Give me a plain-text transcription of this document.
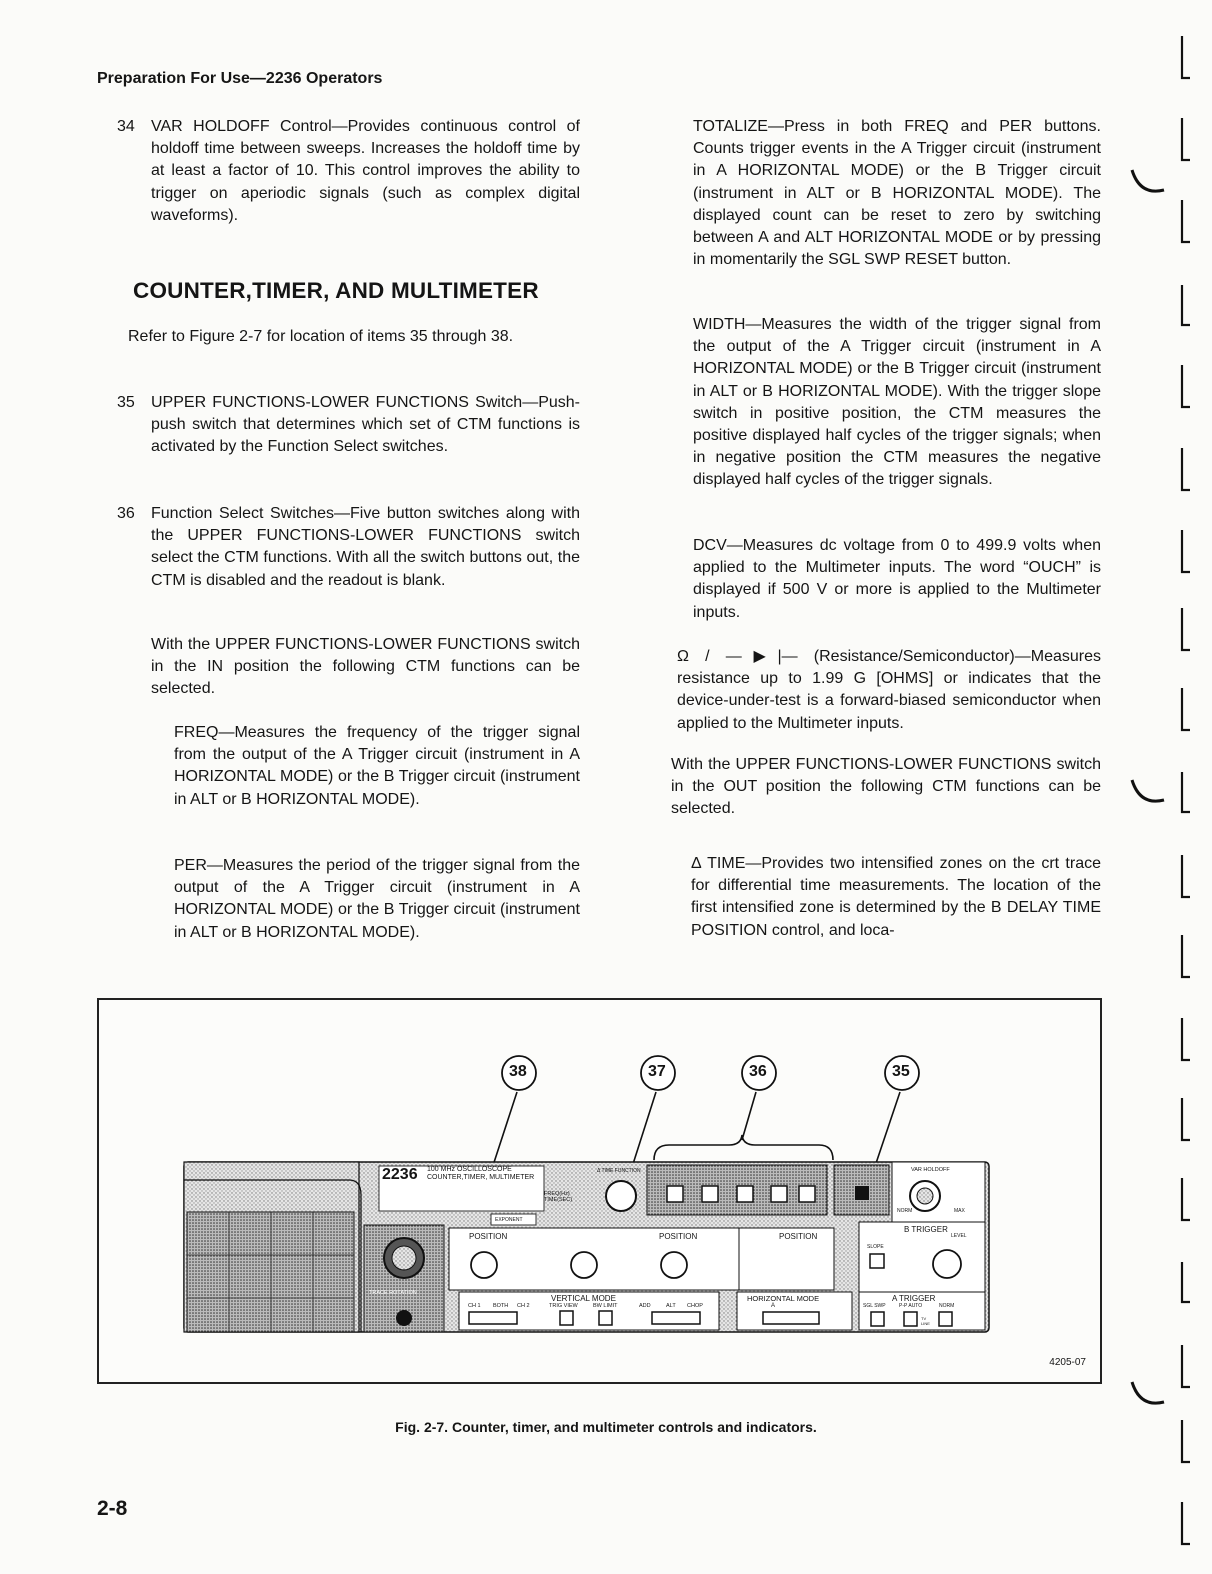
Preparation For Use—2236 Operators
34 VAR HOLDOFF Control—Provides continuous control of holdoff time between sweeps. Increases the holdoff time by at least a factor of 10. This control improves the ability to trigger on aperiodic signals (such as complex digital waveforms).

COUNTER,TIMER, AND MULTIMETER

Refer to Figure 2-7 for location of items 35 through 38.

35 UPPER FUNCTIONS-LOWER FUNCTIONS Switch—Push-push switch that determines which set of CTM functions is activated by the Function Select switches.

36 Function Select Switches—Five button switches along with the UPPER FUNCTIONS-LOWER FUNCTIONS switch select the CTM functions. With all the switch buttons out, the CTM is disabled and the readout is blank.

With the UPPER FUNCTIONS-LOWER FUNCTIONS switch in the IN position the following CTM functions can be selected.

FREQ—Measures the frequency of the trigger signal from the output of the A Trigger circuit (instrument in A HORIZONTAL MODE) or the B Trigger circuit (instrument in ALT or B HORIZONTAL MODE).

PER—Measures the period of the trigger signal from the output of the A Trigger circuit (instrument in A HORIZONTAL MODE) or the B Trigger circuit (instrument in ALT or B HORIZONTAL MODE).

TOTALIZE—Press in both FREQ and PER buttons. Counts trigger events in the A Trigger circuit (instrument in A HORIZONTAL MODE) or the B Trigger circuit (instrument in ALT or B HORIZONTAL MODE). The displayed count can be reset to zero by switching between A and ALT HORIZONTAL MODE or by pressing in momentarily the SGL SWP RESET button.

WIDTH—Measures the width of the trigger signal from the output of the A Trigger circuit (instrument in A HORIZONTAL MODE) or the B Trigger circuit (instrument in ALT or B HORIZONTAL MODE). With the trigger slope switch in positive position, the CTM measures the positive displayed half cycles of the trigger signals; when in negative position the CTM measures the negative displayed half cycles of the trigger signals.

DCV—Measures dc voltage from 0 to 499.9 volts when applied to the Multimeter inputs. The word “OUCH” is displayed if 500 V or more is applied to the Multimeter inputs.

Ω / —▶|— (Resistance/Semiconductor)—Measures resistance up to 1.99 G [OHMS] or indicates that the device-under-test is a forward-biased semiconductor when applied to the Multimeter inputs.

With the UPPER FUNCTIONS-LOWER FUNCTIONS switch in the OUT position the following CTM functions can be selected.

Δ TIME—Provides two intensified zones on the crt trace for differential time measurements. The location of the first intensified zone is determined by the B DELAY TIME POSITION control, and loca-

38	37	36	35
2236 100 MHz OSCILLOSCOPE
COUNTER,TIMER, MULTIMETER
FREQ(Hz) TIME(SEC)
EXPONENT
Δ TIME FUNCTION
POSITION	POSITION	POSITION
VERTICAL MODE
CH 1 BOTH CH 2	TRIG VIEW	BW LIMIT	ADD	ALT CHOP
HORIZONTAL MODE
A
TRACE ROTATION
VAR HOLDOFF
NORM	MAX
B TRIGGER
SLOPE
LEVEL
A TRIGGER
SGL SWP	P-P AUTO	NORM
TV LINE
4205-07
Fig. 2-7. Counter, timer, and multimeter controls and indicators.
2-8
